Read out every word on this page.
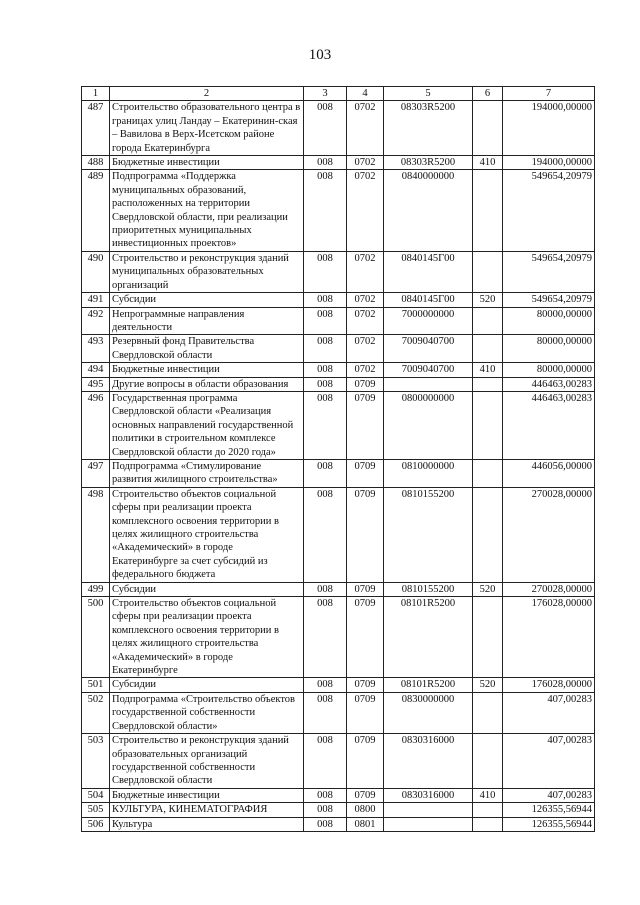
103
1	2	3	4	5	6	7
487	Строительство образовательного центра в границах улиц Ландау – Екатеринин-ская – Вавилова в Верх-Исетском районе города Екатеринбурга	008	0702	08303R5200		194000,00000
488	Бюджетные инвестиции	008	0702	08303R5200	410	194000,00000
489	Подпрограмма «Поддержка муниципальных образований, расположенных на территории Свердловской области, при реализации приоритетных муниципальных инвестиционных проектов»	008	0702	0840000000		549654,20979
490	Строительство и реконструкция зданий муниципальных образовательных организаций	008	0702	0840145Г00		549654,20979
491	Субсидии	008	0702	0840145Г00	520	549654,20979
492	Непрограммные направления деятельности	008	0702	7000000000		80000,00000
493	Резервный фонд Правительства Свердловской области	008	0702	7009040700		80000,00000
494	Бюджетные инвестиции	008	0702	7009040700	410	80000,00000
495	Другие вопросы в области образования	008	0709			446463,00283
496	Государственная программа Свердловской области «Реализация основных направлений государственной политики в строительном комплексе Свердловской области до 2020 года»	008	0709	0800000000		446463,00283
497	Подпрограмма «Стимулирование развития жилищного строительства»	008	0709	0810000000		446056,00000
498	Строительство объектов социальной сферы при реализации проекта комплексного освоения территории в целях жилищного строительства «Академический» в городе Екатеринбурге за счет субсидий из федерального бюджета	008	0709	0810155200		270028,00000
499	Субсидии	008	0709	0810155200	520	270028,00000
500	Строительство объектов социальной сферы при реализации проекта комплексного освоения территории в целях жилищного строительства «Академический» в городе Екатеринбурге	008	0709	08101R5200		176028,00000
501	Субсидии	008	0709	08101R5200	520	176028,00000
502	Подпрограмма «Строительство объектов государственной собственности Свердловской области»	008	0709	0830000000		407,00283
503	Строительство и реконструкция зданий образовательных организаций государственной собственности Свердловской области	008	0709	0830316000		407,00283
504	Бюджетные инвестиции	008	0709	0830316000	410	407,00283
505	КУЛЬТУРА, КИНЕМАТОГРАФИЯ	008	0800			126355,56944
506	Культура	008	0801			126355,56944
